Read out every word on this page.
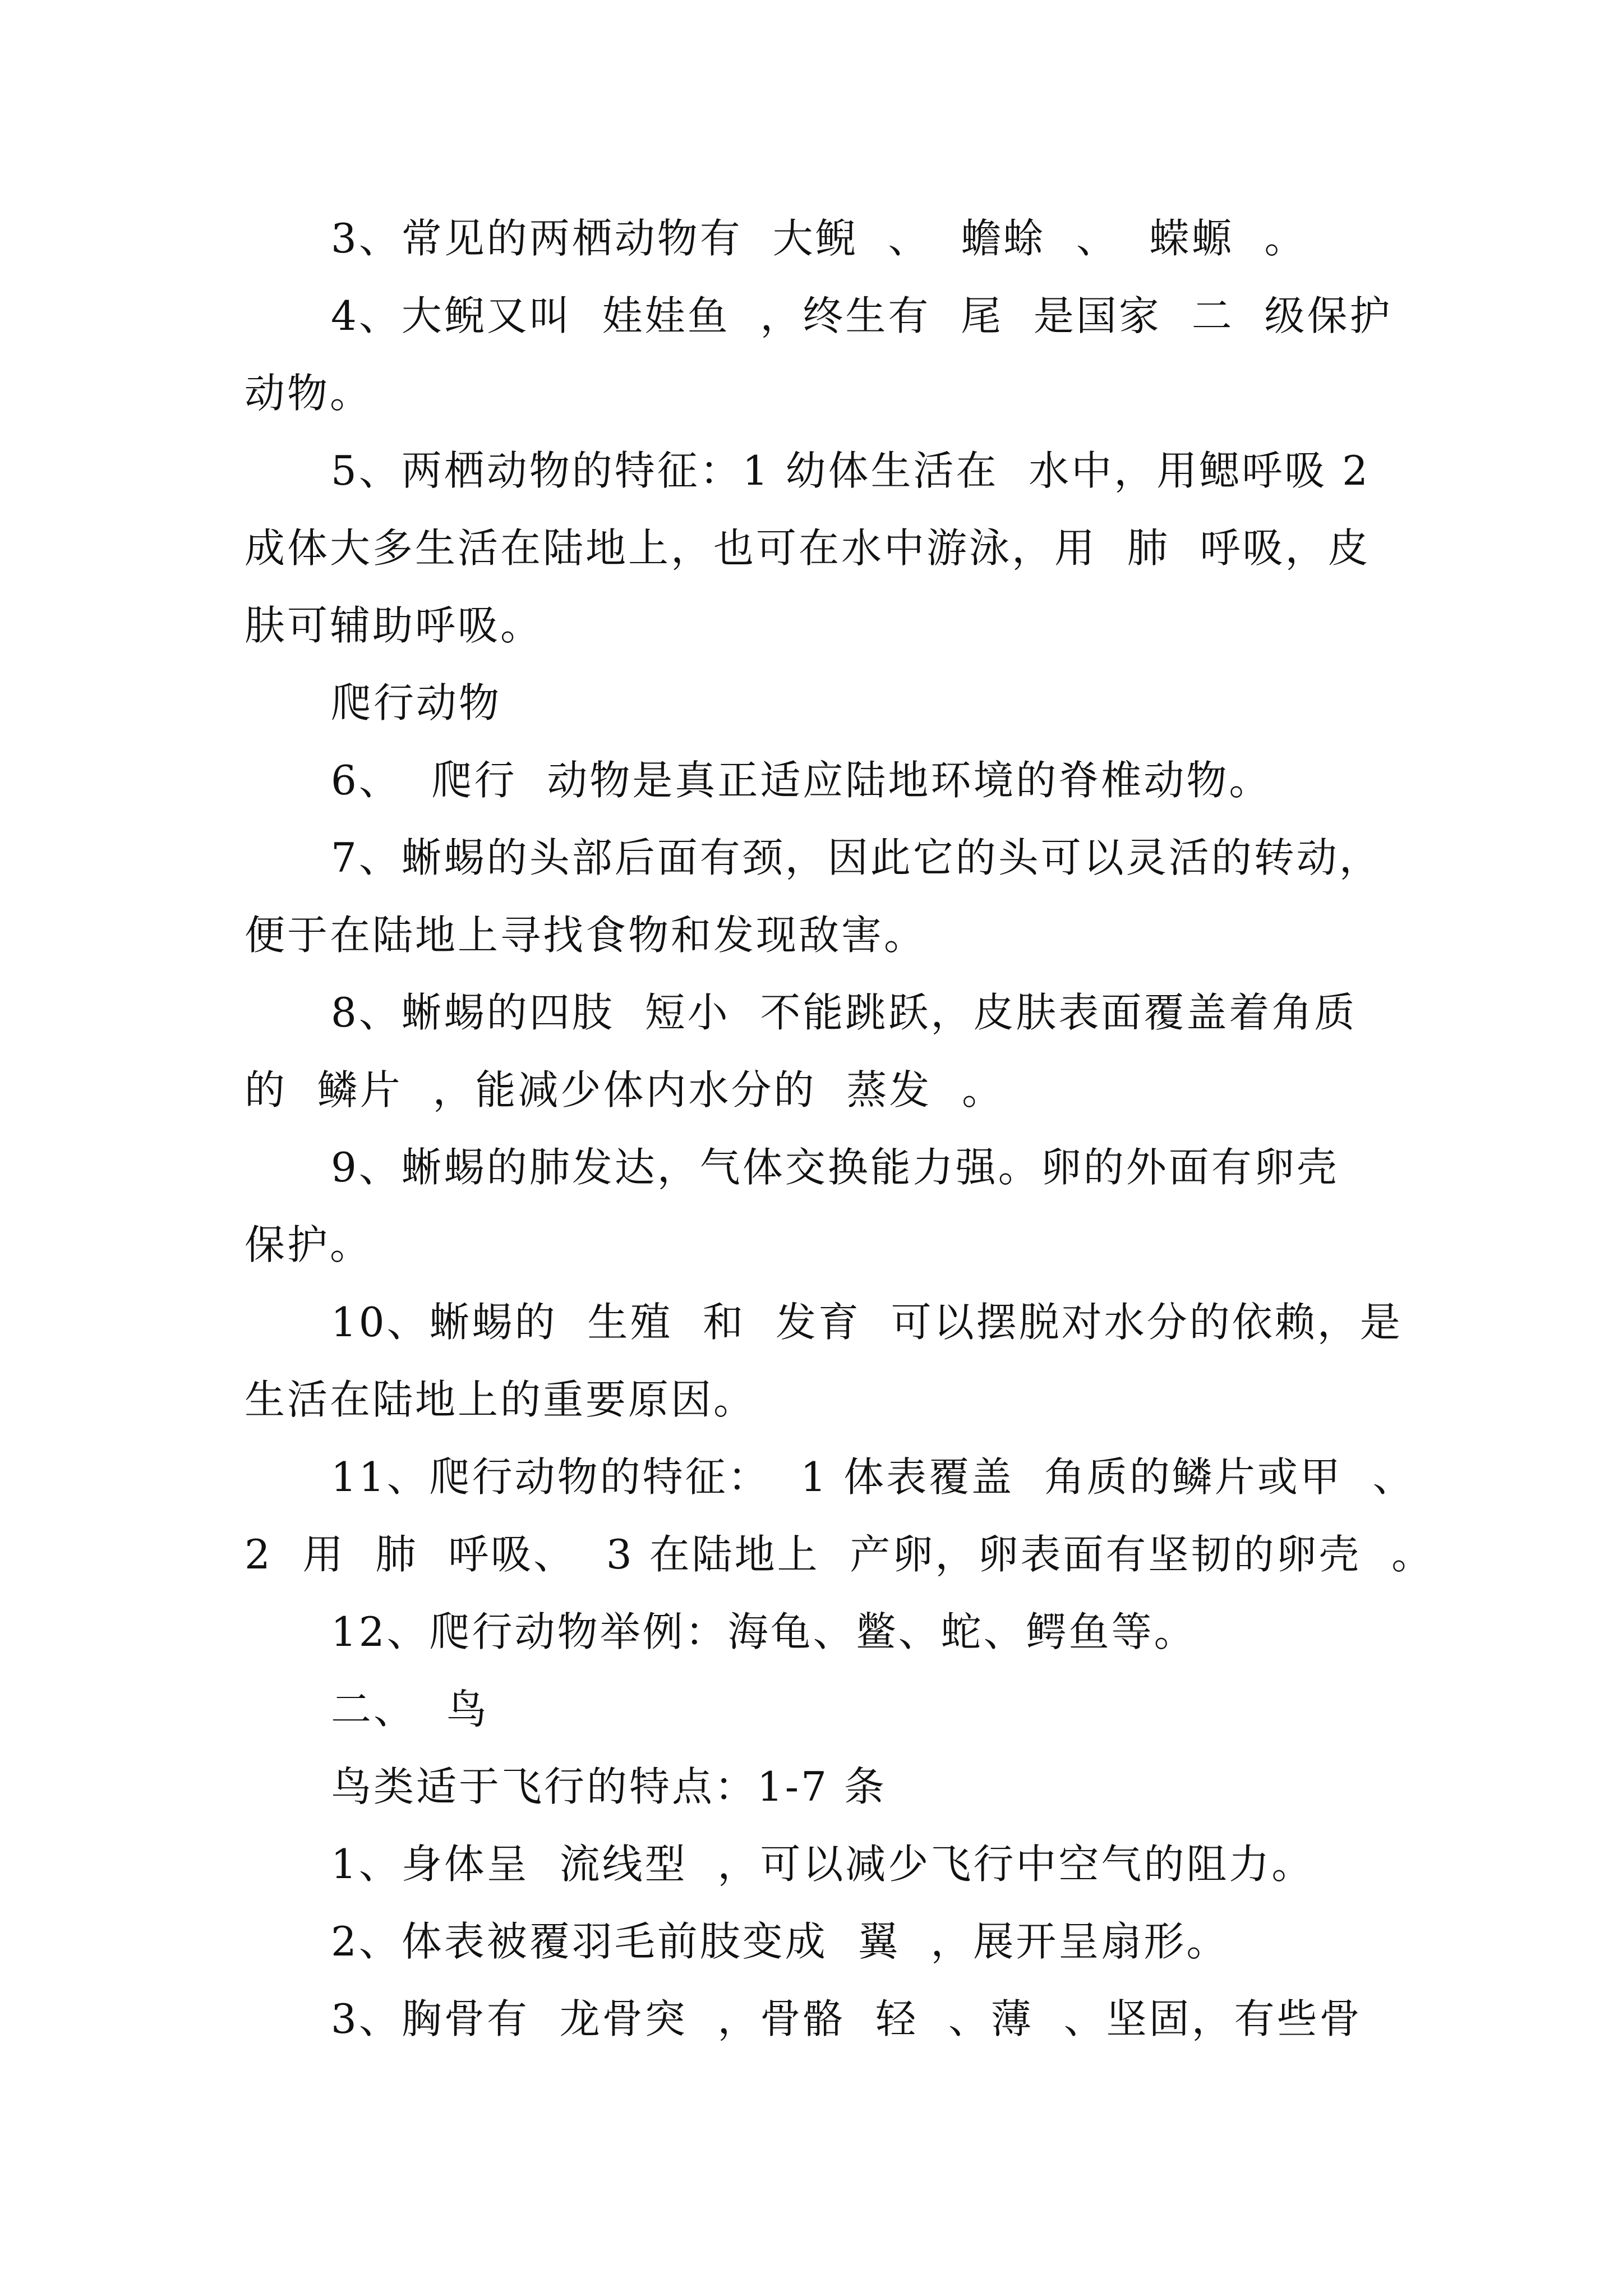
3、常见的两栖动物有  大鲵  、  蟾蜍  、  蝾螈  。
4、大鲵又叫  娃娃鱼  ，终生有  尾  是国家  二  级保护
动物。
5、两栖动物的特征：1 幼体生活在  水中，用鳃呼吸 2
成体大多生活在陆地上，也可在水中游泳，用  肺  呼吸，皮
肤可辅助呼吸。
爬行动物
6、  爬行  动物是真正适应陆地环境的脊椎动物。
7、蜥蜴的头部后面有颈，因此它的头可以灵活的转动，
便于在陆地上寻找食物和发现敌害。
8、蜥蜴的四肢  短小  不能跳跃，皮肤表面覆盖着角质
的  鳞片  ，能减少体内水分的  蒸发  。
9、蜥蜴的肺发达，气体交换能力强。卵的外面有卵壳
保护。
10、蜥蜴的  生殖  和  发育  可以摆脱对水分的依赖，是
生活在陆地上的重要原因。
11、爬行动物的特征：  1 体表覆盖  角质的鳞片或甲  、
2  用  肺  呼吸、  3 在陆地上  产卵，卵表面有坚韧的卵壳  。
12、爬行动物举例：海龟、鳖、蛇、鳄鱼等。
二、  鸟
鸟类适于飞行的特点：1-7 条
1、身体呈  流线型  ，可以减少飞行中空气的阻力。
2、体表被覆羽毛前肢变成  翼  ，展开呈扇形。
3、胸骨有  龙骨突  ，骨骼  轻  、薄  、坚固，有些骨
